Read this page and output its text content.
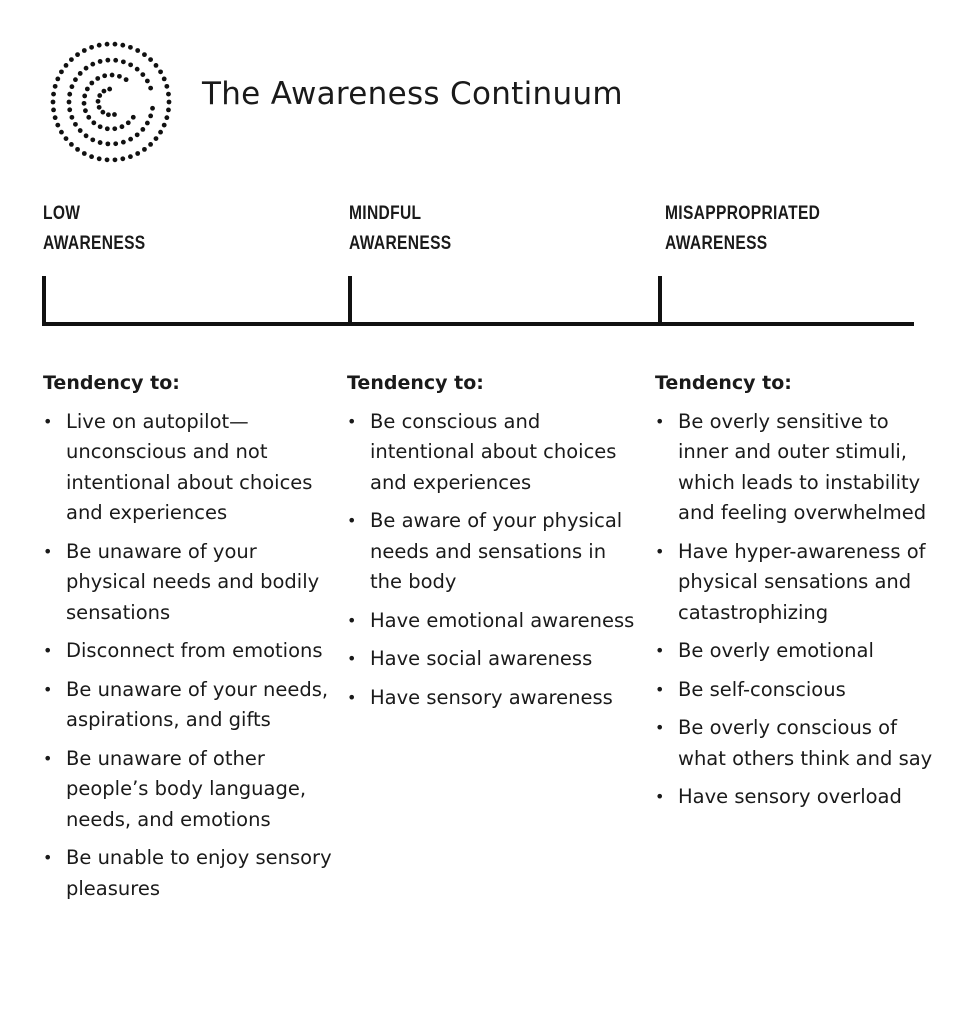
The Awareness Continuum
LOW
AWARENESS
MINDFUL
AWARENESS
MISAPPROPRIATED
AWARENESS
Tendency to:
• Live on autopilot— unconscious and not intentional about choices and experiences
• Be unaware of your physical needs and bodily sensations
• Disconnect from emotions
• Be unaware of your needs, aspirations, and gifts
• Be unaware of other people’s body language, needs, and emotions
• Be unable to enjoy sensory pleasures
Tendency to:
• Be conscious and intentional about choices and experiences
• Be aware of your physical needs and sensations in the body
• Have emotional awareness
• Have social awareness
• Have sensory awareness
Tendency to:
• Be overly sensitive to inner and outer stimuli, which leads to instability and feeling overwhelmed
• Have hyper-awareness of physical sensations and catastrophizing
• Be overly emotional
• Be self-conscious
• Be overly conscious of what others think and say
• Have sensory overload
